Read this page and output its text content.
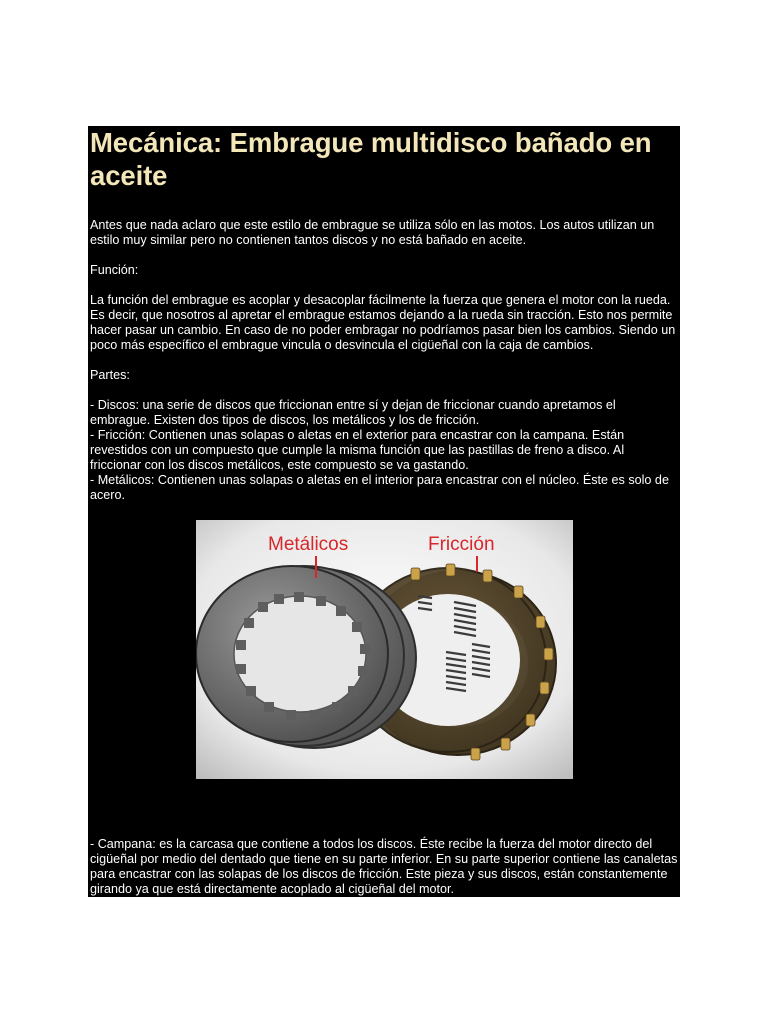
Mecánica: Embrague multidisco bañado en aceite

Antes que nada aclaro que este estilo de embrague se utiliza sólo en las motos. Los autos utilizan un estilo muy similar pero no contienen tantos discos y no está bañado en aceite.

Función:

La función del embrague es acoplar y desacoplar fácilmente la fuerza que genera el motor con la rueda. Es decir, que nosotros al apretar el embrague estamos dejando a la rueda sin tracción. Esto nos permite hacer pasar un cambio. En caso de no poder embragar no podríamos pasar bien los cambios. Siendo un poco más específico el embrague vincula o desvincula el cigüeñal con la caja de cambios.

Partes:

- Discos: una serie de discos que friccionan entre sí y dejan de friccionar cuando apretamos el embrague. Existen dos tipos de discos, los metálicos y los de fricción.

- Fricción: Contienen unas solapas o aletas en el exterior para encastrar con la campana. Están revestidos con un compuesto que cumple la misma función que las pastillas de freno a disco. Al friccionar con los discos metálicos, este compuesto se va gastando.

- Metálicos: Contienen unas solapas o aletas en el interior para encastrar con el núcleo. Éste es solo de acero.

Metálicos	Fricción

- Campana: es la carcasa que contiene a todos los discos. Éste recibe la fuerza del motor directo del cigüeñal por medio del dentado que tiene en su parte inferior. En su parte superior contiene las canaletas para encastrar con las solapas de los discos de fricción. Este pieza y sus discos, están constantemente girando ya que está directamente acoplado al cigüeñal del motor.
